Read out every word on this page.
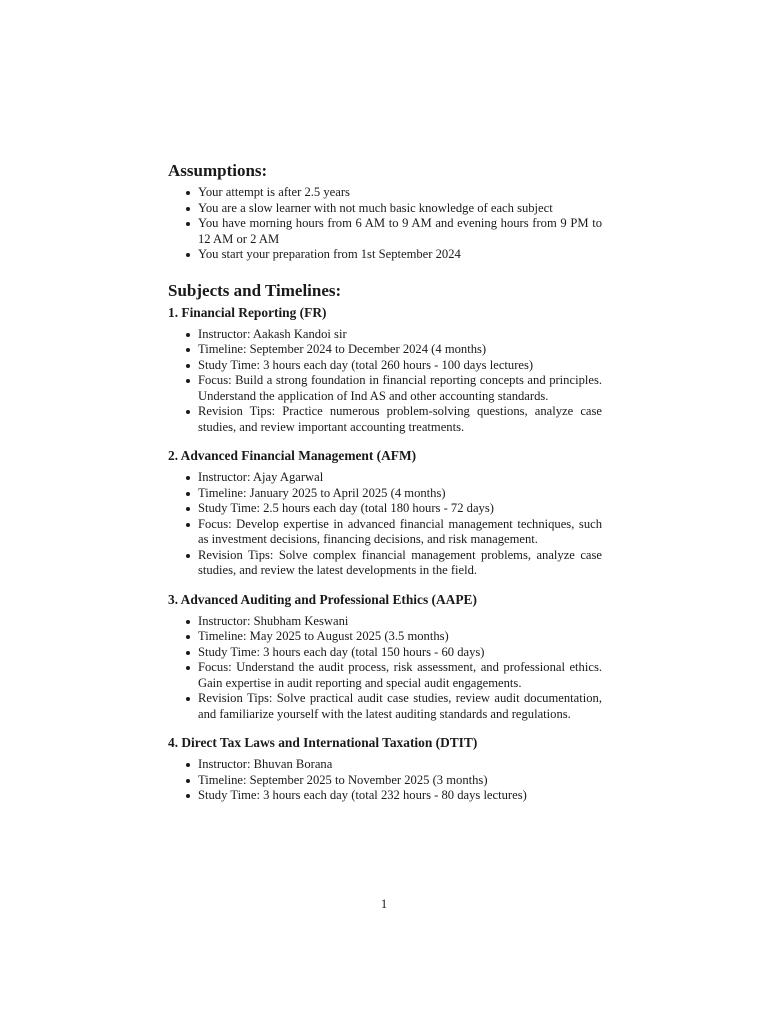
Assumptions:
Your attempt is after 2.5 years
You are a slow learner with not much basic knowledge of each subject
You have morning hours from 6 AM to 9 AM and evening hours from 9 PM to 12 AM or 2 AM
You start your preparation from 1st September 2024
Subjects and Timelines:
1. Financial Reporting (FR)
Instructor: Aakash Kandoi sir
Timeline: September 2024 to December 2024 (4 months)
Study Time: 3 hours each day (total 260 hours - 100 days lectures)
Focus: Build a strong foundation in financial reporting concepts and principles. Understand the application of Ind AS and other accounting standards.
Revision Tips: Practice numerous problem-solving questions, analyze case studies, and review important accounting treatments.
2. Advanced Financial Management (AFM)
Instructor: Ajay Agarwal
Timeline: January 2025 to April 2025 (4 months)
Study Time: 2.5 hours each day (total 180 hours - 72 days)
Focus: Develop expertise in advanced financial management techniques, such as investment decisions, financing decisions, and risk management.
Revision Tips: Solve complex financial management problems, analyze case studies, and review the latest developments in the field.
3. Advanced Auditing and Professional Ethics (AAPE)
Instructor: Shubham Keswani
Timeline: May 2025 to August 2025 (3.5 months)
Study Time: 3 hours each day (total 150 hours - 60 days)
Focus: Understand the audit process, risk assessment, and professional ethics. Gain expertise in audit reporting and special audit engagements.
Revision Tips: Solve practical audit case studies, review audit documentation, and familiarize yourself with the latest auditing standards and regulations.
4. Direct Tax Laws and International Taxation (DTIT)
Instructor: Bhuvan Borana
Timeline: September 2025 to November 2025 (3 months)
Study Time: 3 hours each day (total 232 hours - 80 days lectures)
1
